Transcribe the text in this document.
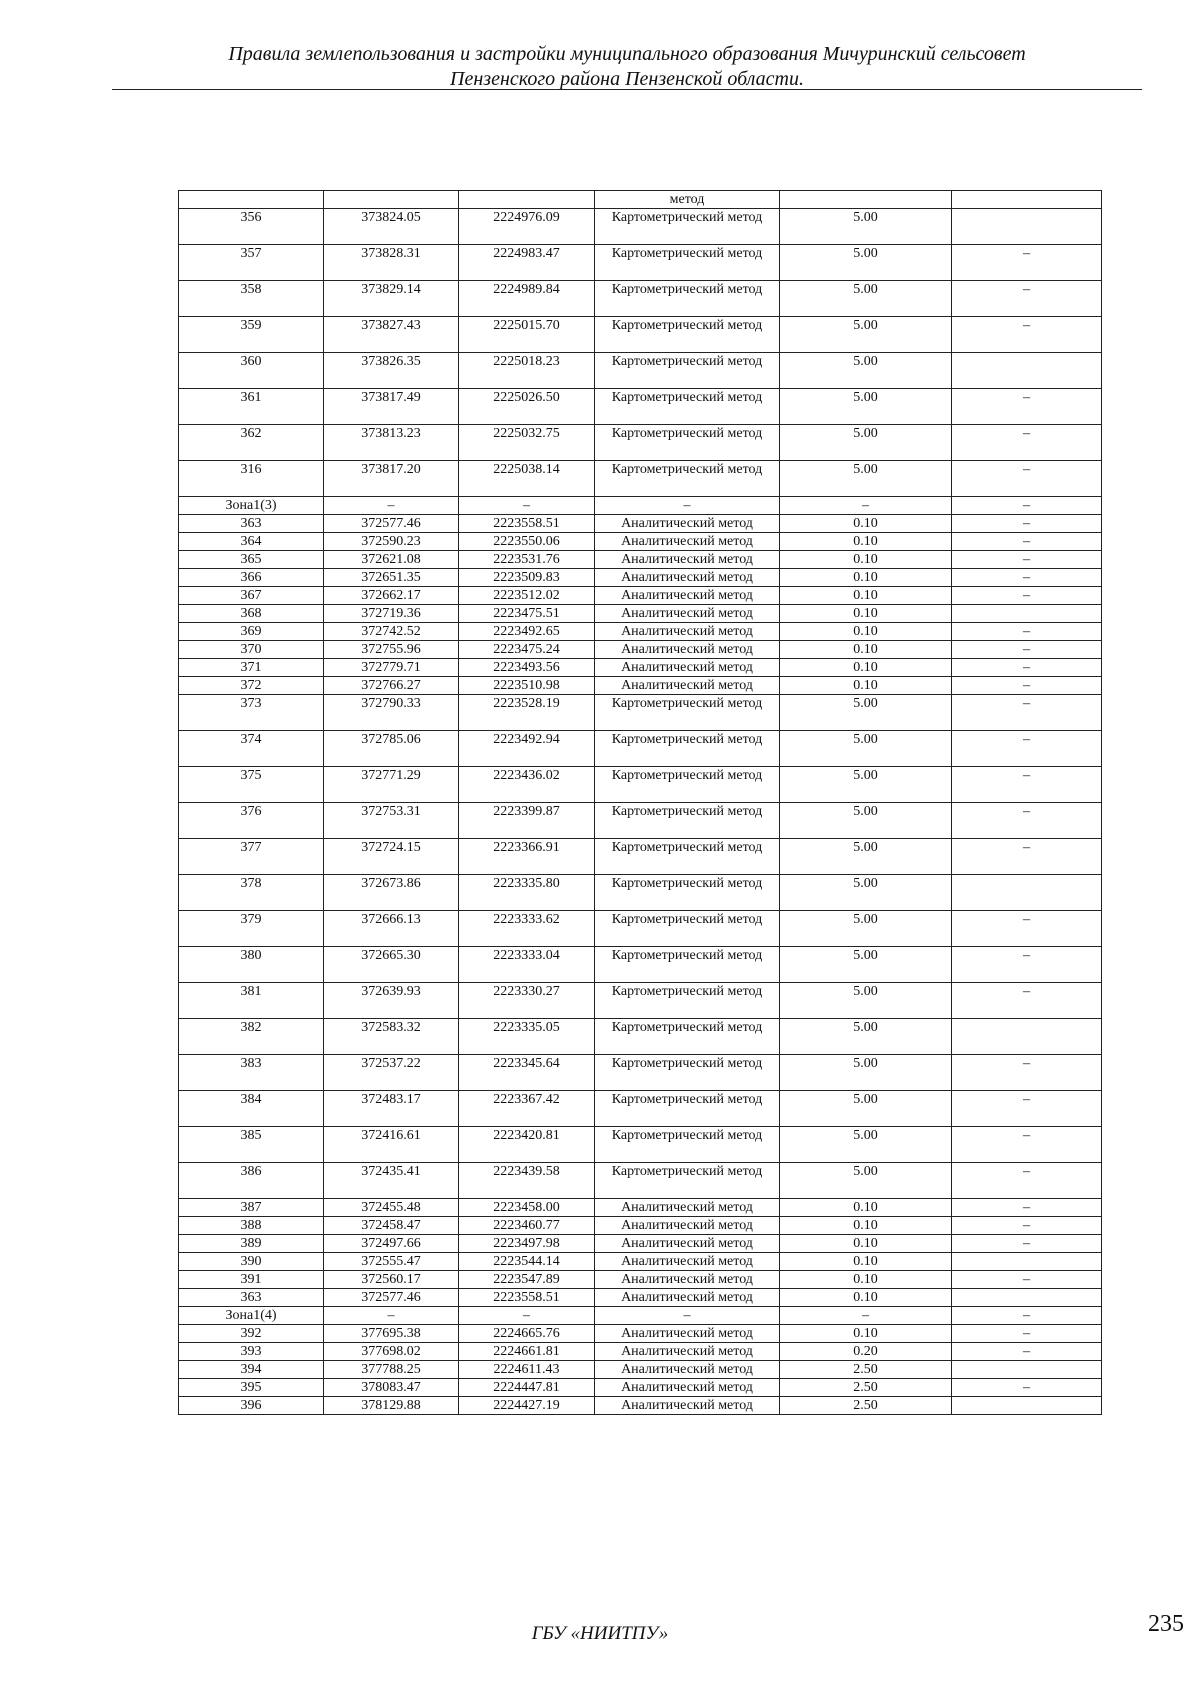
Правила землепользования и застройки муниципального образования Мичуринский сельсовет
Пензенского района Пензенской области.
			метод		
356	373824.05	2224976.09	Картометрический метод	5.00	
357	373828.31	2224983.47	Картометрический метод	5.00	–
358	373829.14	2224989.84	Картометрический метод	5.00	–
359	373827.43	2225015.70	Картометрический метод	5.00	–
360	373826.35	2225018.23	Картометрический метод	5.00	
361	373817.49	2225026.50	Картометрический метод	5.00	–
362	373813.23	2225032.75	Картометрический метод	5.00	–
316	373817.20	2225038.14	Картометрический метод	5.00	–
Зона1(3)	–	–	–	–	–
363	372577.46	2223558.51	Аналитический метод	0.10	–
364	372590.23	2223550.06	Аналитический метод	0.10	–
365	372621.08	2223531.76	Аналитический метод	0.10	–
366	372651.35	2223509.83	Аналитический метод	0.10	–
367	372662.17	2223512.02	Аналитический метод	0.10	–
368	372719.36	2223475.51	Аналитический метод	0.10	
369	372742.52	2223492.65	Аналитический метод	0.10	–
370	372755.96	2223475.24	Аналитический метод	0.10	–
371	372779.71	2223493.56	Аналитический метод	0.10	–
372	372766.27	2223510.98	Аналитический метод	0.10	–
373	372790.33	2223528.19	Картометрический метод	5.00	–
374	372785.06	2223492.94	Картометрический метод	5.00	–
375	372771.29	2223436.02	Картометрический метод	5.00	–
376	372753.31	2223399.87	Картометрический метод	5.00	–
377	372724.15	2223366.91	Картометрический метод	5.00	–
378	372673.86	2223335.80	Картометрический метод	5.00	
379	372666.13	2223333.62	Картометрический метод	5.00	–
380	372665.30	2223333.04	Картометрический метод	5.00	–
381	372639.93	2223330.27	Картометрический метод	5.00	–
382	372583.32	2223335.05	Картометрический метод	5.00	
383	372537.22	2223345.64	Картометрический метод	5.00	–
384	372483.17	2223367.42	Картометрический метод	5.00	–
385	372416.61	2223420.81	Картометрический метод	5.00	–
386	372435.41	2223439.58	Картометрический метод	5.00	–
387	372455.48	2223458.00	Аналитический метод	0.10	–
388	372458.47	2223460.77	Аналитический метод	0.10	–
389	372497.66	2223497.98	Аналитический метод	0.10	–
390	372555.47	2223544.14	Аналитический метод	0.10	
391	372560.17	2223547.89	Аналитический метод	0.10	–
363	372577.46	2223558.51	Аналитический метод	0.10	
Зона1(4)	–	–	–	–	–
392	377695.38	2224665.76	Аналитический метод	0.10	–
393	377698.02	2224661.81	Аналитический метод	0.20	–
394	377788.25	2224611.43	Аналитический метод	2.50	
395	378083.47	2224447.81	Аналитический метод	2.50	–
396	378129.88	2224427.19	Аналитический метод	2.50	
ГБУ «НИИТПУ»	235
